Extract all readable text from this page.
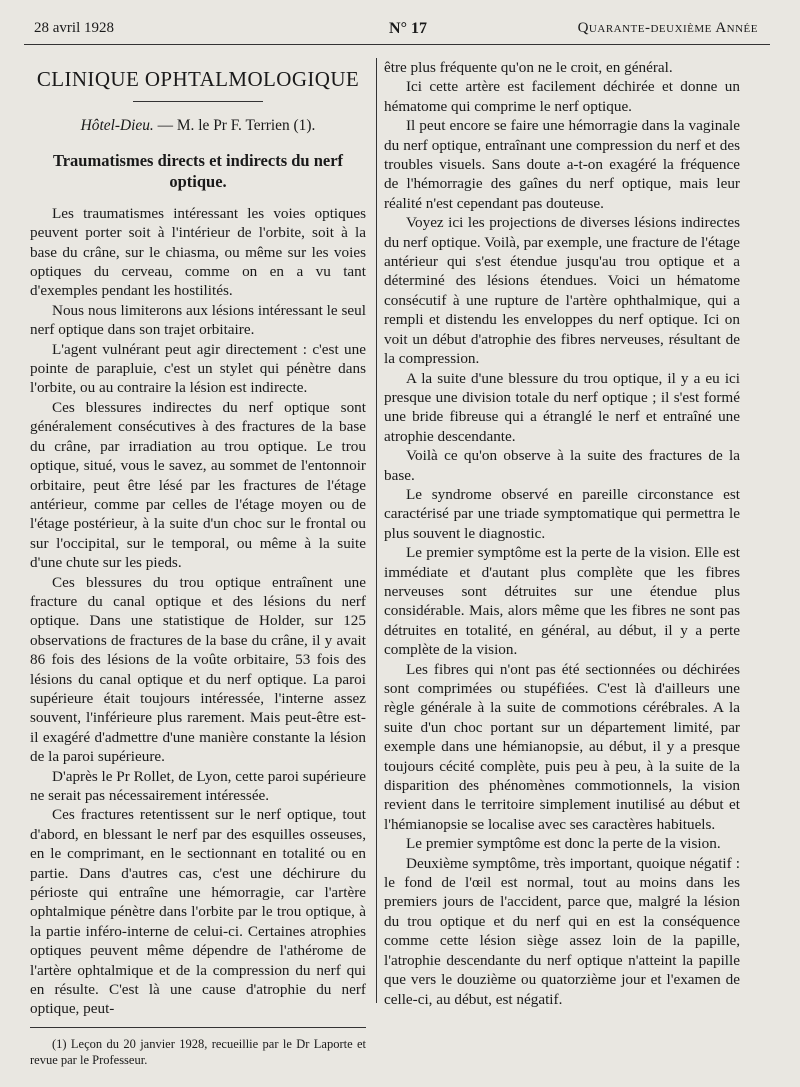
28 avril 1928	N° 17	Quarante-deuxième Année
CLINIQUE OPHTALMOLOGIQUE
Hôtel-Dieu. — M. le Pr F. Terrien (1).
Traumatismes directs et indirects du nerf optique.

Les traumatismes intéressant les voies optiques peuvent porter soit à l'intérieur de l'orbite, soit à la base du crâne, sur le chiasma, ou même sur les voies optiques du cerveau, comme on en a vu tant d'exemples pendant les hostilités.

Nous nous limiterons aux lésions intéressant le seul nerf optique dans son trajet orbitaire.

L'agent vulnérant peut agir directement : c'est une pointe de parapluie, c'est un stylet qui pénètre dans l'orbite, ou au contraire la lésion est indirecte.

Ces blessures indirectes du nerf optique sont généralement consécutives à des fractures de la base du crâne, par irradiation au trou optique. Le trou optique, situé, vous le savez, au sommet de l'entonnoir orbitaire, peut être lésé par les fractures de l'étage antérieur, comme par celles de l'étage moyen ou de l'étage postérieur, à la suite d'un choc sur le frontal ou sur l'occipital, sur le temporal, ou même à la suite d'une chute sur les pieds.

Ces blessures du trou optique entraînent une fracture du canal optique et des lésions du nerf optique. Dans une statistique de Holder, sur 125 observations de fractures de la base du crâne, il y avait 86 fois des lésions de la voûte orbitaire, 53 fois des lésions du canal optique et du nerf optique. La paroi supérieure était toujours intéressée, l'interne assez souvent, l'inférieure plus rarement. Mais peut-être est-il exagéré d'admettre d'une manière constante la lésion de la paroi supérieure.

D'après le Pr Rollet, de Lyon, cette paroi supérieure ne serait pas nécessairement intéressée.

Ces fractures retentissent sur le nerf optique, tout d'abord, en blessant le nerf par des esquilles osseuses, en le comprimant, en le sectionnant en totalité ou en partie. Dans d'autres cas, c'est une déchirure du périoste qui entraîne une hémorragie, car l'artère ophtalmique pénètre dans l'orbite par le trou optique, à la partie inféro-interne de celui-ci. Certaines atrophies optiques peuvent même dépendre de l'athérome de l'artère ophtalmique et de la compression du nerf qui en résulte. C'est là une cause d'atrophie du nerf optique, peut-

(1) Leçon du 20 janvier 1928, recueillie par le Dr Laporte et revue par le Professeur.

être plus fréquente qu'on ne le croit, en général.

Ici cette artère est facilement déchirée et donne un hématome qui comprime le nerf optique.

Il peut encore se faire une hémorragie dans la vaginale du nerf optique, entraînant une compression du nerf et des troubles visuels. Sans doute a-t-on exagéré la fréquence de l'hémorragie des gaînes du nerf optique, mais leur réalité n'est cependant pas douteuse.

Voyez ici les projections de diverses lésions indirectes du nerf optique. Voilà, par exemple, une fracture de l'étage antérieur qui s'est étendue jusqu'au trou optique et a déterminé des lésions étendues. Voici un hématome consécutif à une rupture de l'artère ophthalmique, qui a rempli et distendu les enveloppes du nerf optique. Ici on voit un début d'atrophie des fibres nerveuses, résultant de la compression.

A la suite d'une blessure du trou optique, il y a eu ici presque une division totale du nerf optique ; il s'est formé une bride fibreuse qui a étranglé le nerf et entraîné une atrophie descendante.

Voilà ce qu'on observe à la suite des fractures de la base.

Le syndrome observé en pareille circonstance est caractérisé par une triade symptomatique qui permettra le plus souvent le diagnostic.

Le premier symptôme est la perte de la vision. Elle est immédiate et d'autant plus complète que les fibres nerveuses sont détruites sur une étendue plus considérable. Mais, alors même que les fibres ne sont pas détruites en totalité, en général, au début, il y a perte complète de la vision.

Les fibres qui n'ont pas été sectionnées ou déchirées sont comprimées ou stupéfiées. C'est là d'ailleurs une règle générale à la suite de commotions cérébrales. A la suite d'un choc portant sur un département limité, par exemple dans une hémianopsie, au début, il y a presque toujours cécité complète, puis peu à peu, à la suite de la disparition des phénomènes commotionnels, la vision revient dans le territoire simplement inutilisé au début et l'hémianopsie se localise avec ses caractères habituels.

Le premier symptôme est donc la perte de la vision.

Deuxième symptôme, très important, quoique négatif : le fond de l'œil est normal, tout au moins dans les premiers jours de l'accident, parce que, malgré la lésion du trou optique et du nerf qui en est la conséquence comme cette lésion siège assez loin de la papille, l'atrophie descendante du nerf optique n'atteint la papille que vers le douzième ou quatorzième jour et l'examen de celle-ci, au début, est négatif.
